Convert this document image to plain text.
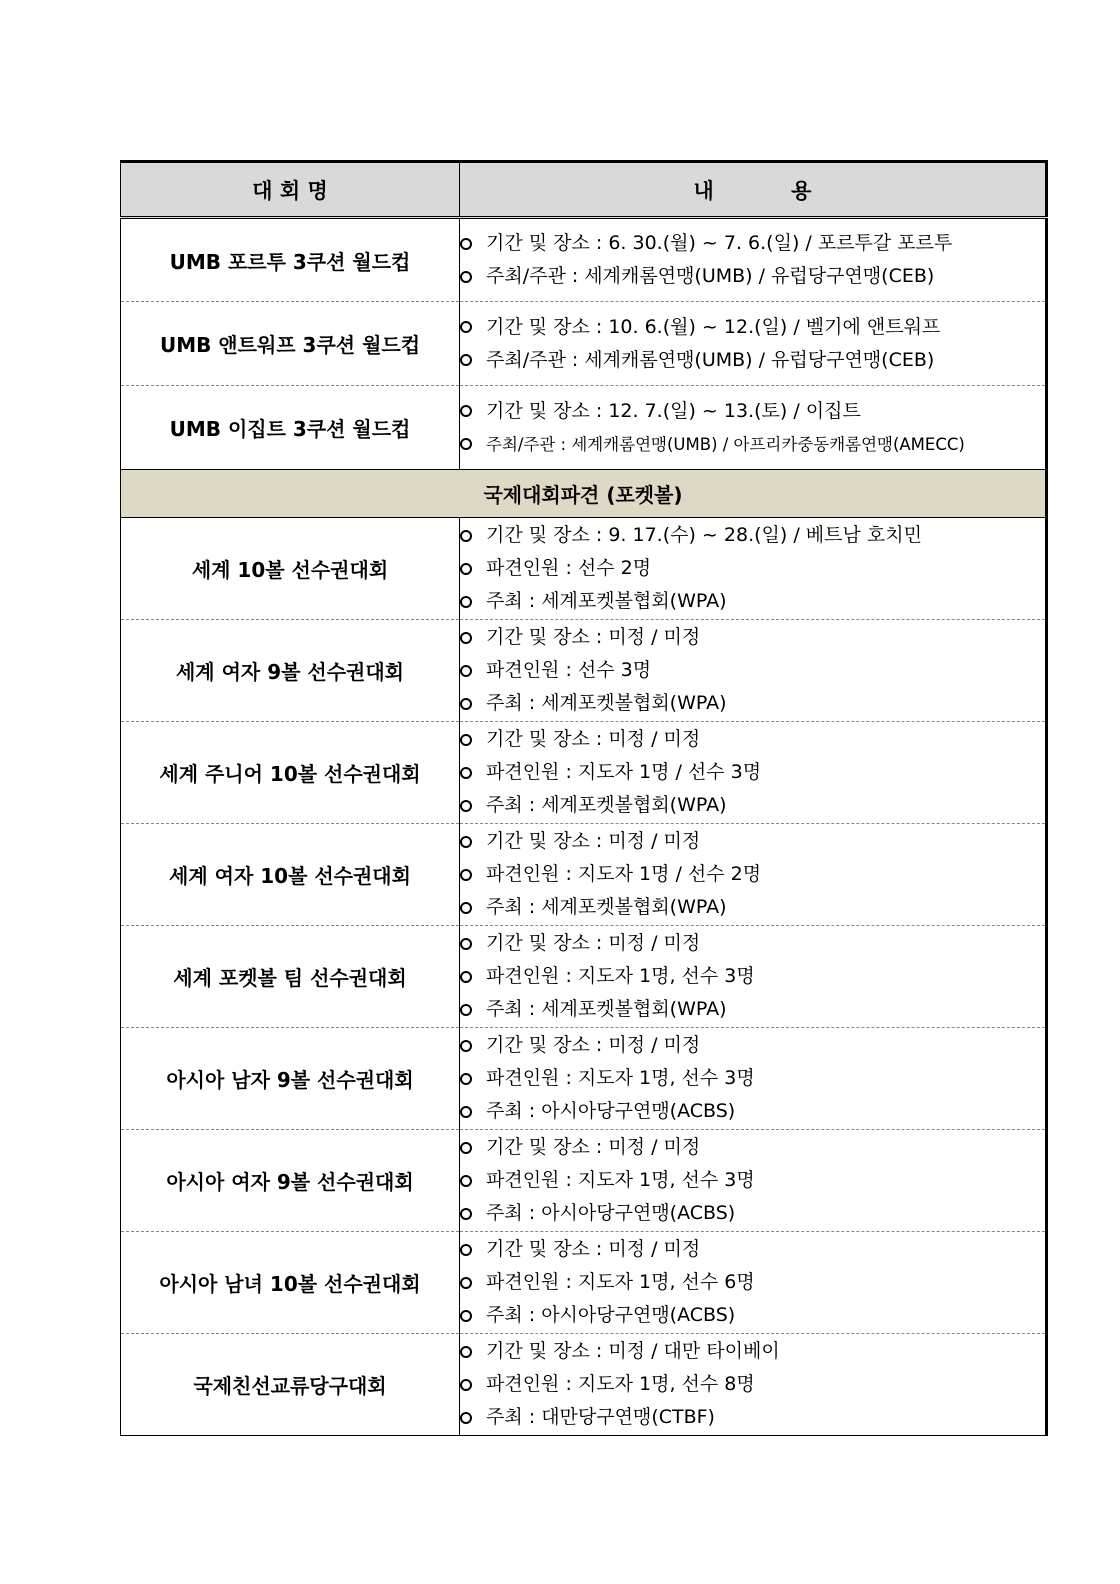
대 회 명	내 용
UMB 포르투 3쿠션 월드컵	기간 및 장소 : 6. 30.(월) ~ 7. 6.(일) / 포르투갈 포르투
주최/주관 : 세계캐롬연맹(UMB) / 유럽당구연맹(CEB)

UMB 앤트워프 3쿠션 월드컵	기간 및 장소 : 10. 6.(월) ~ 12.(일) / 벨기에 앤트워프
주최/주관 : 세계캐롬연맹(UMB) / 유럽당구연맹(CEB)

UMB 이집트 3쿠션 월드컵	기간 및 장소 : 12. 7.(일) ~ 13.(토) / 이집트
주최/주관 : 세계캐롬연맹(UMB) / 아프리카중동캐롬연맹(AMECC)

국제대회파견 (포켓볼)	
세계 10볼 선수권대회	기간 및 장소 : 9. 17.(수) ~ 28.(일) / 베트남 호치민
파견인원 : 선수 2명
주최 : 세계포켓볼협회(WPA)

세계 여자 9볼 선수권대회	기간 및 장소 : 미정 / 미정
파견인원 : 선수 3명
주최 : 세계포켓볼협회(WPA)

세계 주니어 10볼 선수권대회	기간 및 장소 : 미정 / 미정
파견인원 : 지도자 1명 / 선수 3명
주최 : 세계포켓볼협회(WPA)

세계 여자 10볼 선수권대회	기간 및 장소 : 미정 / 미정
파견인원 : 지도자 1명 / 선수 2명
주최 : 세계포켓볼협회(WPA)

세계 포켓볼 팀 선수권대회	기간 및 장소 : 미정 / 미정
파견인원 : 지도자 1명, 선수 3명
주최 : 세계포켓볼협회(WPA)

아시아 남자 9볼 선수권대회	기간 및 장소 : 미정 / 미정
파견인원 : 지도자 1명, 선수 3명
주최 : 아시아당구연맹(ACBS)

아시아 여자 9볼 선수권대회	기간 및 장소 : 미정 / 미정
파견인원 : 지도자 1명, 선수 3명
주최 : 아시아당구연맹(ACBS)

아시아 남녀 10볼 선수권대회	기간 및 장소 : 미정 / 미정
파견인원 : 지도자 1명, 선수 6명
주최 : 아시아당구연맹(ACBS)

국제친선교류당구대회	기간 및 장소 : 미정 / 대만 타이베이
파견인원 : 지도자 1명, 선수 8명
주최 : 대만당구연맹(CTBF)
